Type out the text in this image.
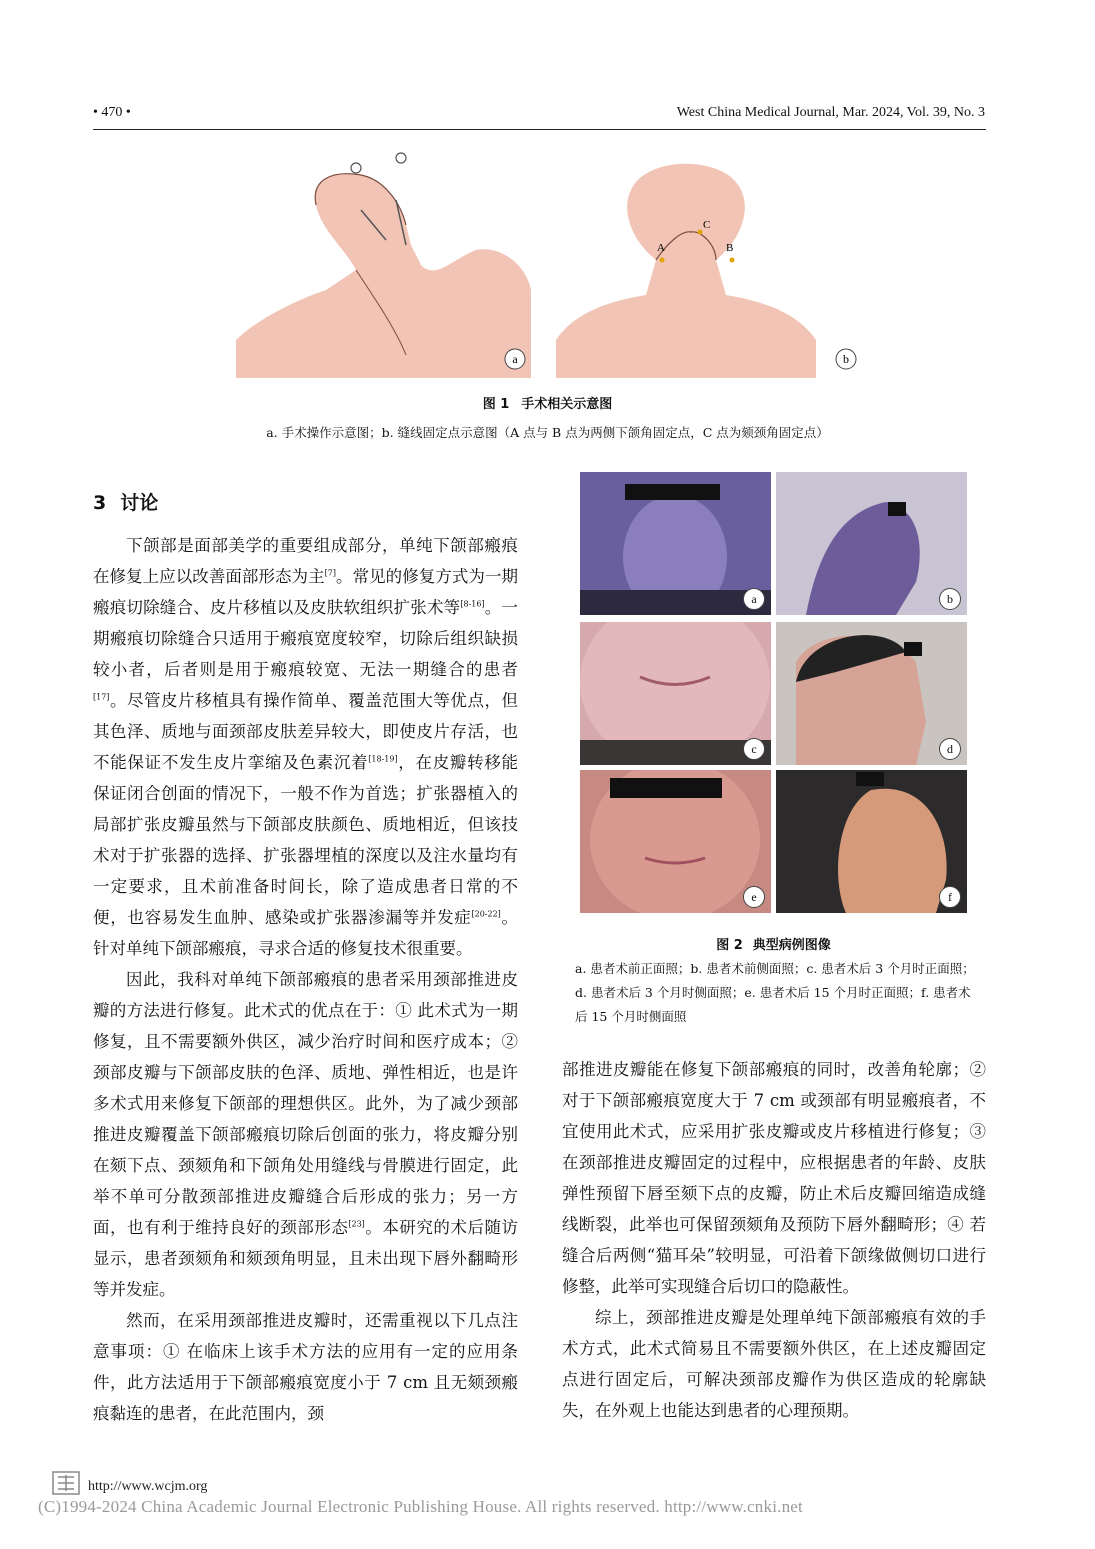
• 470 •	West China Medical Journal, Mar. 2024, Vol. 39, No. 3
a
A
C
B
b
图 1 手术相关示意图
a. 手术操作示意图；b. 缝线固定点示意图（A 点与 B 点为两侧下颌角固定点，C 点为颏颈角固定点）
3 讨论

下颌部是面部美学的重要组成部分，单纯下颌部瘢痕在修复上应以改善面部形态为主[7]。常见的修复方式为一期瘢痕切除缝合、皮片移植以及皮肤软组织扩张术等[8-16]。一期瘢痕切除缝合只适用于瘢痕宽度较窄，切除后组织缺损较小者，后者则是用于瘢痕较宽、无法一期缝合的患者[17]。尽管皮片移植具有操作简单、覆盖范围大等优点，但其色泽、质地与面颈部皮肤差异较大，即使皮片存活，也不能保证不发生皮片挛缩及色素沉着[18-19]，在皮瓣转移能保证闭合创面的情况下，一般不作为首选；扩张器植入的局部扩张皮瓣虽然与下颌部皮肤颜色、质地相近，但该技术对于扩张器的选择、扩张器埋植的深度以及注水量均有一定要求，且术前准备时间长，除了造成患者日常的不便，也容易发生血肿、感染或扩张器渗漏等并发症[20-22]。针对单纯下颌部瘢痕，寻求合适的修复技术很重要。

因此，我科对单纯下颌部瘢痕的患者采用颈部推进皮瓣的方法进行修复。此术式的优点在于：① 此术式为一期修复，且不需要额外供区，减少治疗时间和医疗成本；② 颈部皮瓣与下颌部皮肤的色泽、质地、弹性相近，也是许多术式用来修复下颌部的理想供区。此外，为了减少颈部推进皮瓣覆盖下颌部瘢痕切除后创面的张力，将皮瓣分别在颏下点、颈颏角和下颌角处用缝线与骨膜进行固定，此举不单可分散颈部推进皮瓣缝合后形成的张力；另一方面，也有利于维持良好的颈部形态[23]。本研究的术后随访显示，患者颈颏角和颏颈角明显，且未出现下唇外翻畸形等并发症。

然而，在采用颈部推进皮瓣时，还需重视以下几点注意事项：① 在临床上该手术方法的应用有一定的应用条件，此方法适用于下颌部瘢痕宽度小于 7 cm 且无颏颈瘢痕黏连的患者，在此范围内，颈

a	b
c	d
e	f
图 2 典型病例图像
a. 患者术前正面照；b. 患者术前侧面照；c. 患者术后 3 个月时正面照；d. 患者术后 3 个月时侧面照；e. 患者术后 15 个月时正面照；f. 患者术后 15 个月时侧面照

部推进皮瓣能在修复下颌部瘢痕的同时，改善角轮廓；② 对于下颌部瘢痕宽度大于 7 cm 或颈部有明显瘢痕者，不宜使用此术式，应采用扩张皮瓣或皮片移植进行修复；③ 在颈部推进皮瓣固定的过程中，应根据患者的年龄、皮肤弹性预留下唇至颏下点的皮瓣，防止术后皮瓣回缩造成缝线断裂，此举也可保留颈颏角及预防下唇外翻畸形；④ 若缝合后两侧“猫耳朵”较明显，可沿着下颌缘做侧切口进行修整，此举可实现缝合后切口的隐蔽性。

综上，颈部推进皮瓣是处理单纯下颌部瘢痕有效的手术方式，此术式简易且不需要额外供区，在上述皮瓣固定点进行固定后，可解决颈部皮瓣作为供区造成的轮廓缺失，在外观上也能达到患者的心理预期。

http://www.wcjm.org
(C)1994-2024 China Academic Journal Electronic Publishing House. All rights reserved. http://www.cnki.net
